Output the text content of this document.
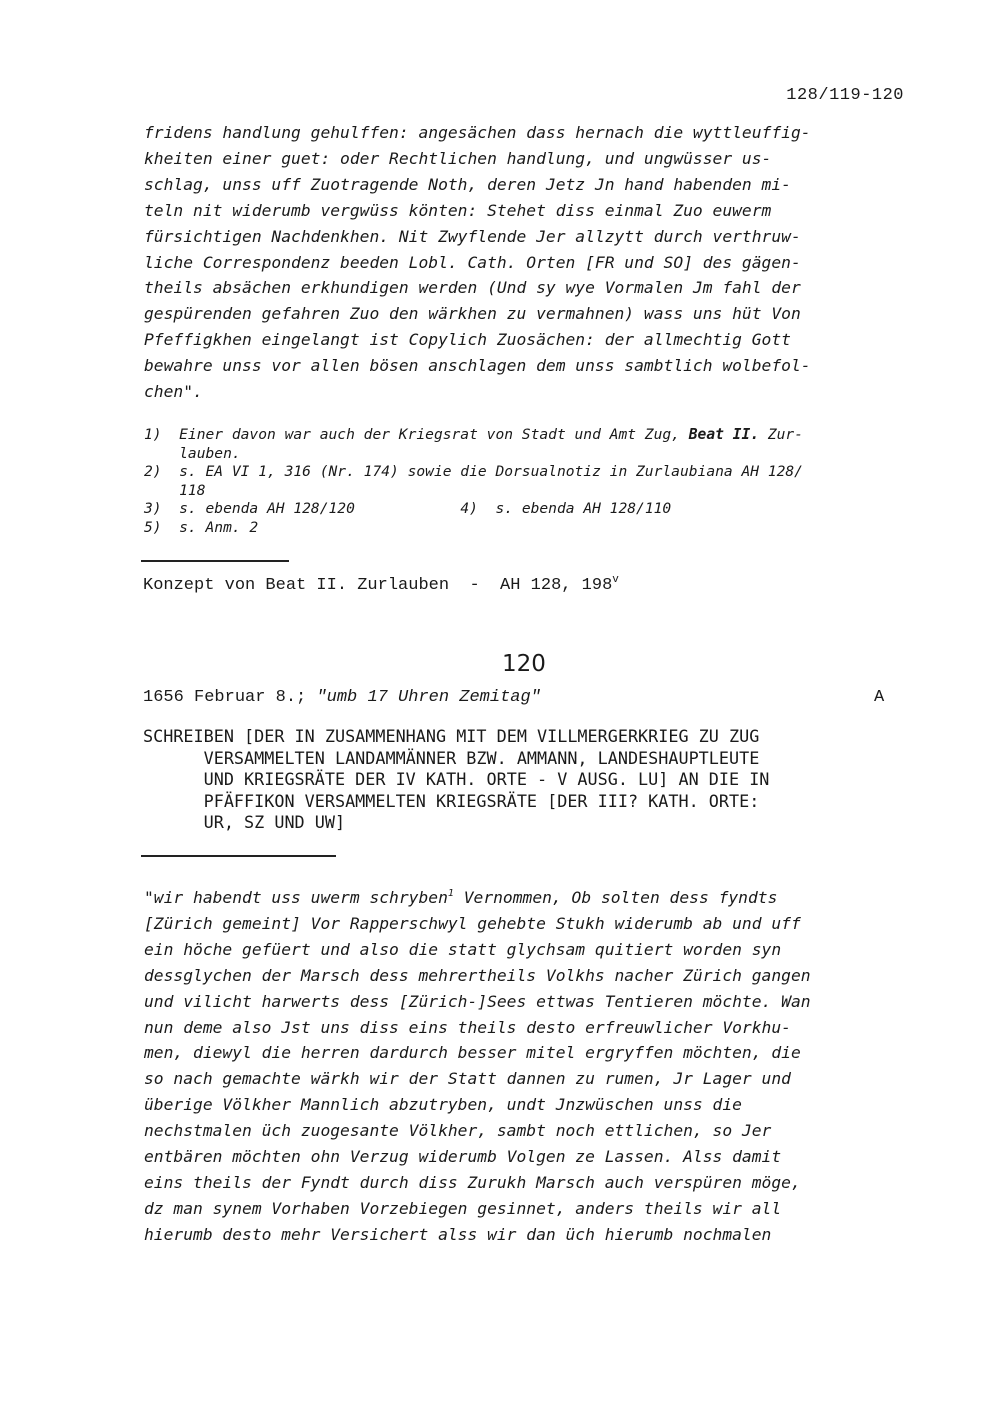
128/119-120
fridens handlung gehulffen: angesächen dass hernach die wyttleuffig-
kheiten einer guet: oder Rechtlichen handlung, und ungwüsser us-
schlag, unss uff Zuotragende Noth, deren Jetz Jn hand habenden mi-
teln nit widerumb vergwüss könten: Stehet diss einmal Zuo euwerm
fürsichtigen Nachdenkhen. Nit Zwyflende Jer allzytt durch verthruw-
liche Correspondenz beeden Lobl. Cath. Orten [FR und SO] des gägen-
theils absächen erkhundigen werden (Und sy wye Vormalen Jm fahl der
gespürenden gefahren Zuo den wärkhen zu vermahnen) wass uns hüt Von
Pfeffigkhen eingelangt ist Copylich Zuosächen: der allmechtig Gott
bewahre unss vor allen bösen anschlagen dem unss sambtlich wolbefol-
chen".
1)  Einer davon war auch der Kriegsrat von Stadt und Amt Zug, Beat II. Zur-
lauben.
2)  s. EA VI 1, 316 (Nr. 174) sowie die Dorsualnotiz in Zurlaubiana AH 128/
118
3)  s. ebenda AH 128/120	4)  s. ebenda AH 128/110
5)  s. Anm. 2
Konzept von Beat II. Zurlauben  -  AH 128, 198$^v$
120
1656 Februar 8.; "umb 17 Uhren Zemitag"	A
SCHREIBEN [DER IN ZUSAMMENHANG MIT DEM VILLMERGERKRIEG ZU ZUG
VERSAMMELTEN LANDAMMÄNNER BZW. AMMANN, LANDESHAUPTLEUTE
UND KRIEGSRÄTE DER IV KATH. ORTE - V AUSG. LU] AN DIE IN
PFÄFFIKON VERSAMMELTEN KRIEGSRÄTE [DER III? KATH. ORTE:
UR, SZ UND UW]
"wir habendt uss uwerm schryben$^1$ Vernommen, Ob solten dess fyndts
[Zürich gemeint] Vor Rapperschwyl gehebte Stukh widerumb ab und uff
ein höche gefüert und also die statt glychsam quitiert worden syn
dessglychen der Marsch dess mehrertheils Volkhs nacher Zürich gangen
und vilicht harwerts dess [Zürich-]Sees ettwas Tentieren möchte. Wan
nun deme also Jst uns diss eins theils desto erfreuwlicher Vorkhu-
men, diewyl die herren dardurch besser mitel ergryffen möchten, die
so nach gemachte wärkh wir der Statt dannen zu rumen, Jr Lager und
überige Völkher Mannlich abzutryben, undt Jnzwüschen unss die
nechstmalen üch zuogesante Völkher, sambt noch ettlichen, so Jer
entbären möchten ohn Verzug widerumb Volgen ze Lassen. Alss damit
eins theils der Fyndt durch diss Zurukh Marsch auch verspüren möge,
dz man synem Vorhaben Vorzebiegen gesinnet, anders theils wir all
hierumb desto mehr Versichert alss wir dan üch hierumb nochmalen
